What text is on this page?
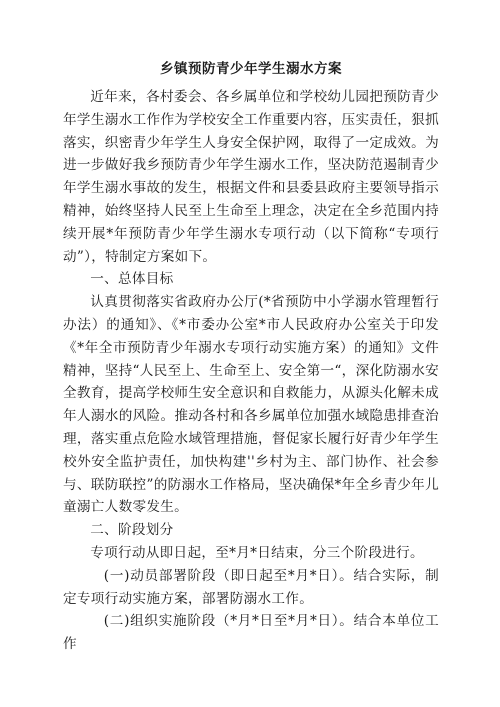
乡镇预防青少年学生溺水方案

近年来，各村委会、各乡属单位和学校幼儿园把预防青少年学生溺水工作作为学校安全工作重要内容，压实责任，狠抓落实，织密青少年学生人身安全保护网，取得了一定成效。为进一步做好我乡预防青少年学生溺水工作，坚决防范遏制青少年学生溺水事故的发生，根据文件和县委县政府主要领导指示精神，始终坚持人民至上生命至上理念，决定在全乡范围内持续开展*年预防青少年学生溺水专项行动（以下简称“专项行动”），特制定方案如下。

一、总体目标

认真贯彻落实省政府办公厅(*省预防中小学溺水管理暂行办法）的通知》、《*市委办公室*市人民政府办公室关于印发《*年全市预防青少年溺水专项行动实施方案）的通知》文件精神，坚持“人民至上、生命至上、安全第一“，深化防溺水安全教育，提高学校师生安全意识和自救能力，从源头化解未成年人溺水的风险。推动各村和各乡属单位加强水域隐患排查治理，落实重点危险水域管理措施，督促家长履行好青少年学生校外安全监护责任，加快构建''乡村为主、部门协作、社会参与、联防联控”的防溺水工作格局，坚决确保*年全乡青少年儿童溺亡人数零发生。

二、阶段划分

专项行动从即日起，至*月*日结束，分三个阶段进行。

(一)动员部署阶段（即日起至*月*日）。结合实际，制定专项行动实施方案，部署防溺水工作。

(二)组织实施阶段（*月*日至*月*日）。结合本单位工作
